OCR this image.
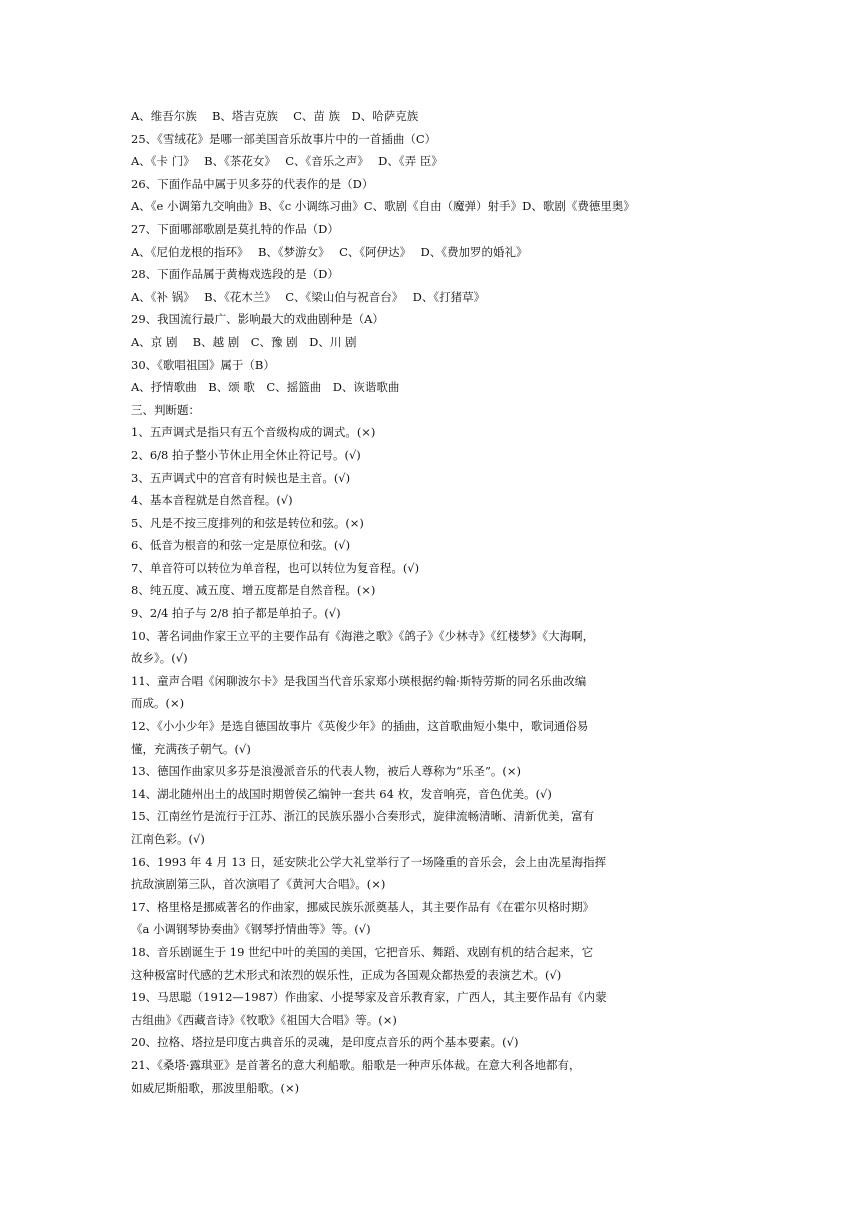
A、维吾尔族　 B、塔吉克族　 C、苗 族　D、哈萨克族
25、《雪绒花》是哪一部美国音乐故事片中的一首插曲（C）
A、《卡 门》　 B、《茶花女》　 C、《音乐之声》　 D、《弄 臣》
26、下面作品中属于贝多芬的代表作的是（D）
A、《e 小调第九交响曲》B、《c 小调练习曲》C、歌剧《自由（魔弹）射手》D、歌剧《费德里奥》
27、下面哪部歌剧是莫扎特的作品（D）
A、《尼伯龙根的指环》　 B、《梦游女》　 C、《阿伊达》　 D、《费加罗的婚礼》
28、下面作品属于黄梅戏选段的是（D）
A、《补 锅》　 B、《花木兰》　 C、《梁山伯与祝音台》　 D、《打猪草》
29、我国流行最广、影响最大的戏曲剧种是（A）
A、京 剧　 B、越 剧　C、豫 剧　D、川 剧
30、《歌唱祖国》属于（B）
A、抒情歌曲　B、颂 歌　C、摇篮曲　D、诙谐歌曲
三、判断题：
1、五声调式是指只有五个音级构成的调式。(×)
2、6/8 拍子整小节休止用全休止符记号。(√)
3、五声调式中的宫音有时候也是主音。(√)
4、基本音程就是自然音程。(√)
5、凡是不按三度排列的和弦是转位和弦。(×)
6、低音为根音的和弦一定是原位和弦。(√)
7、单音符可以转位为单音程，也可以转位为复音程。(√)
8、纯五度、减五度、增五度都是自然音程。(×)
9、2/4 拍子与 2/8 拍子都是单拍子。(√)
10、著名词曲作家王立平的主要作品有《海港之歌》《鸽子》《少林寺》《红楼梦》《大海啊，
故乡》。(√)
11、童声合唱《闲聊波尔卡》是我国当代音乐家郑小瑛根据约翰·斯特劳斯的同名乐曲改编
而成。(×)
12、《小小少年》是选自德国故事片《英俊少年》的插曲，这首歌曲短小集中，歌词通俗易
懂，充满孩子朝气。(√)
13、德国作曲家贝多芬是浪漫派音乐的代表人物，被后人尊称为“乐圣”。(×)
14、湖北随州出土的战国时期曾侯乙编钟一套共 64 枚，发音响亮，音色优美。(√)
15、江南丝竹是流行于江苏、浙江的民族乐器小合奏形式，旋律流畅清晰、清新优美，富有
江南色彩。(√)
16、1993 年 4 月 13 日，延安陕北公学大礼堂举行了一场隆重的音乐会，会上由冼星海指挥
抗敌演剧第三队，首次演唱了《黄河大合唱》。(×)
17、格里格是挪威著名的作曲家，挪威民族乐派奠基人，其主要作品有《在霍尔贝格时期》
《a 小调钢琴协奏曲》《钢琴抒情曲等》等。(√)
18、音乐剧诞生于 19 世纪中叶的美国的美国，它把音乐、舞蹈、戏剧有机的结合起来，它
这种极富时代感的艺术形式和浓烈的娱乐性，正成为各国观众都热爱的表演艺术。(√)
19、马思聪（1912—1987）作曲家、小提琴家及音乐教育家，广西人，其主要作品有《内蒙
古组曲》《西藏音诗》《牧歌》《祖国大合唱》等。(×)
20、拉格、塔拉是印度古典音乐的灵魂，是印度点音乐的两个基本要素。(√)
21、《桑塔·露琪亚》是首著名的意大利船歌。船歌是一种声乐体裁。在意大利各地都有，
如威尼斯船歌，那波里船歌。(×)
